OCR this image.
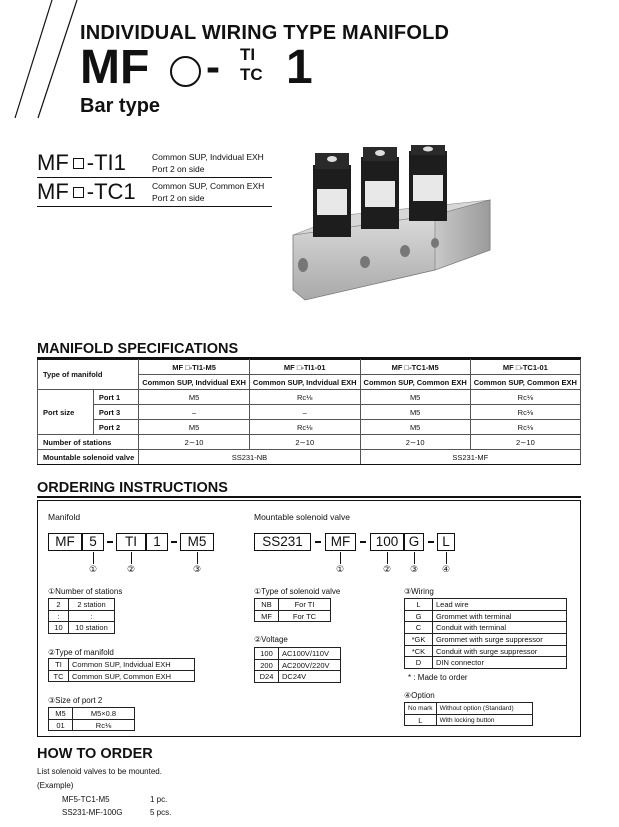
INDIVIDUAL WIRING TYPE MANIFOLD
MF - TI
TC 1
Bar type
MF -TI1	Common SUP, Indvidual EXH
Port 2 on side
MF -TC1 Common SUP, Common EXH
Port 2 on side
MANIFOLD SPECIFICATIONS
Type of manifold		MF □-TI1-M5	MF □-TI1-01	MF □-TC1-M5	MF □-TC1-01
		Common SUP, Indvidual EXH	Common SUP, Indvidual EXH	Common SUP, Common EXH	Common SUP, Common EXH
Port size	Port 1	M5	Rc⅛	M5	Rc⅛
	Port 3	–	–	M5	Rc⅛
	Port 2	M5	Rc⅛	M5	Rc⅛
Number of stations		2∼10	2∼10	2∼10	2∼10
Mountable solenoid valve		SS231-NB		SS231-MF	
ORDERING INSTRUCTIONS
Manifold	Mountable solenoid valve
MF	5	TI	1	M5
①	②	③
SS231	MF	100 G	L
①	②	③	④
①Number of stations
2	2 station
:	:
10	10 station
②Type of manifold
TI	Common SUP, Indvidual EXH
TC	Common SUP, Common EXH
③Size of port 2
M5	M5×0.8
01	Rc⅛
①Type of solenoid valve
NB	For TI
MF	For TC
②Voltage
100	AC100V/110V
200	AC200V/220V
D24	DC24V
③Wiring
L	Lead wire
G	Grommet with terminal
C	Conduit with terminal
*GK	Grommet with surge suppressor
*CK	Conduit with surge suppressor
D	DIN connector
* : Made to order
④Option
No mark	Without option (Standard)
L	With locking button
HOW TO ORDER
List solenoid valves to be mounted.
(Example)
MF5-TC1-M5	1 pc.
SS231-MF-100G	5 pcs.
